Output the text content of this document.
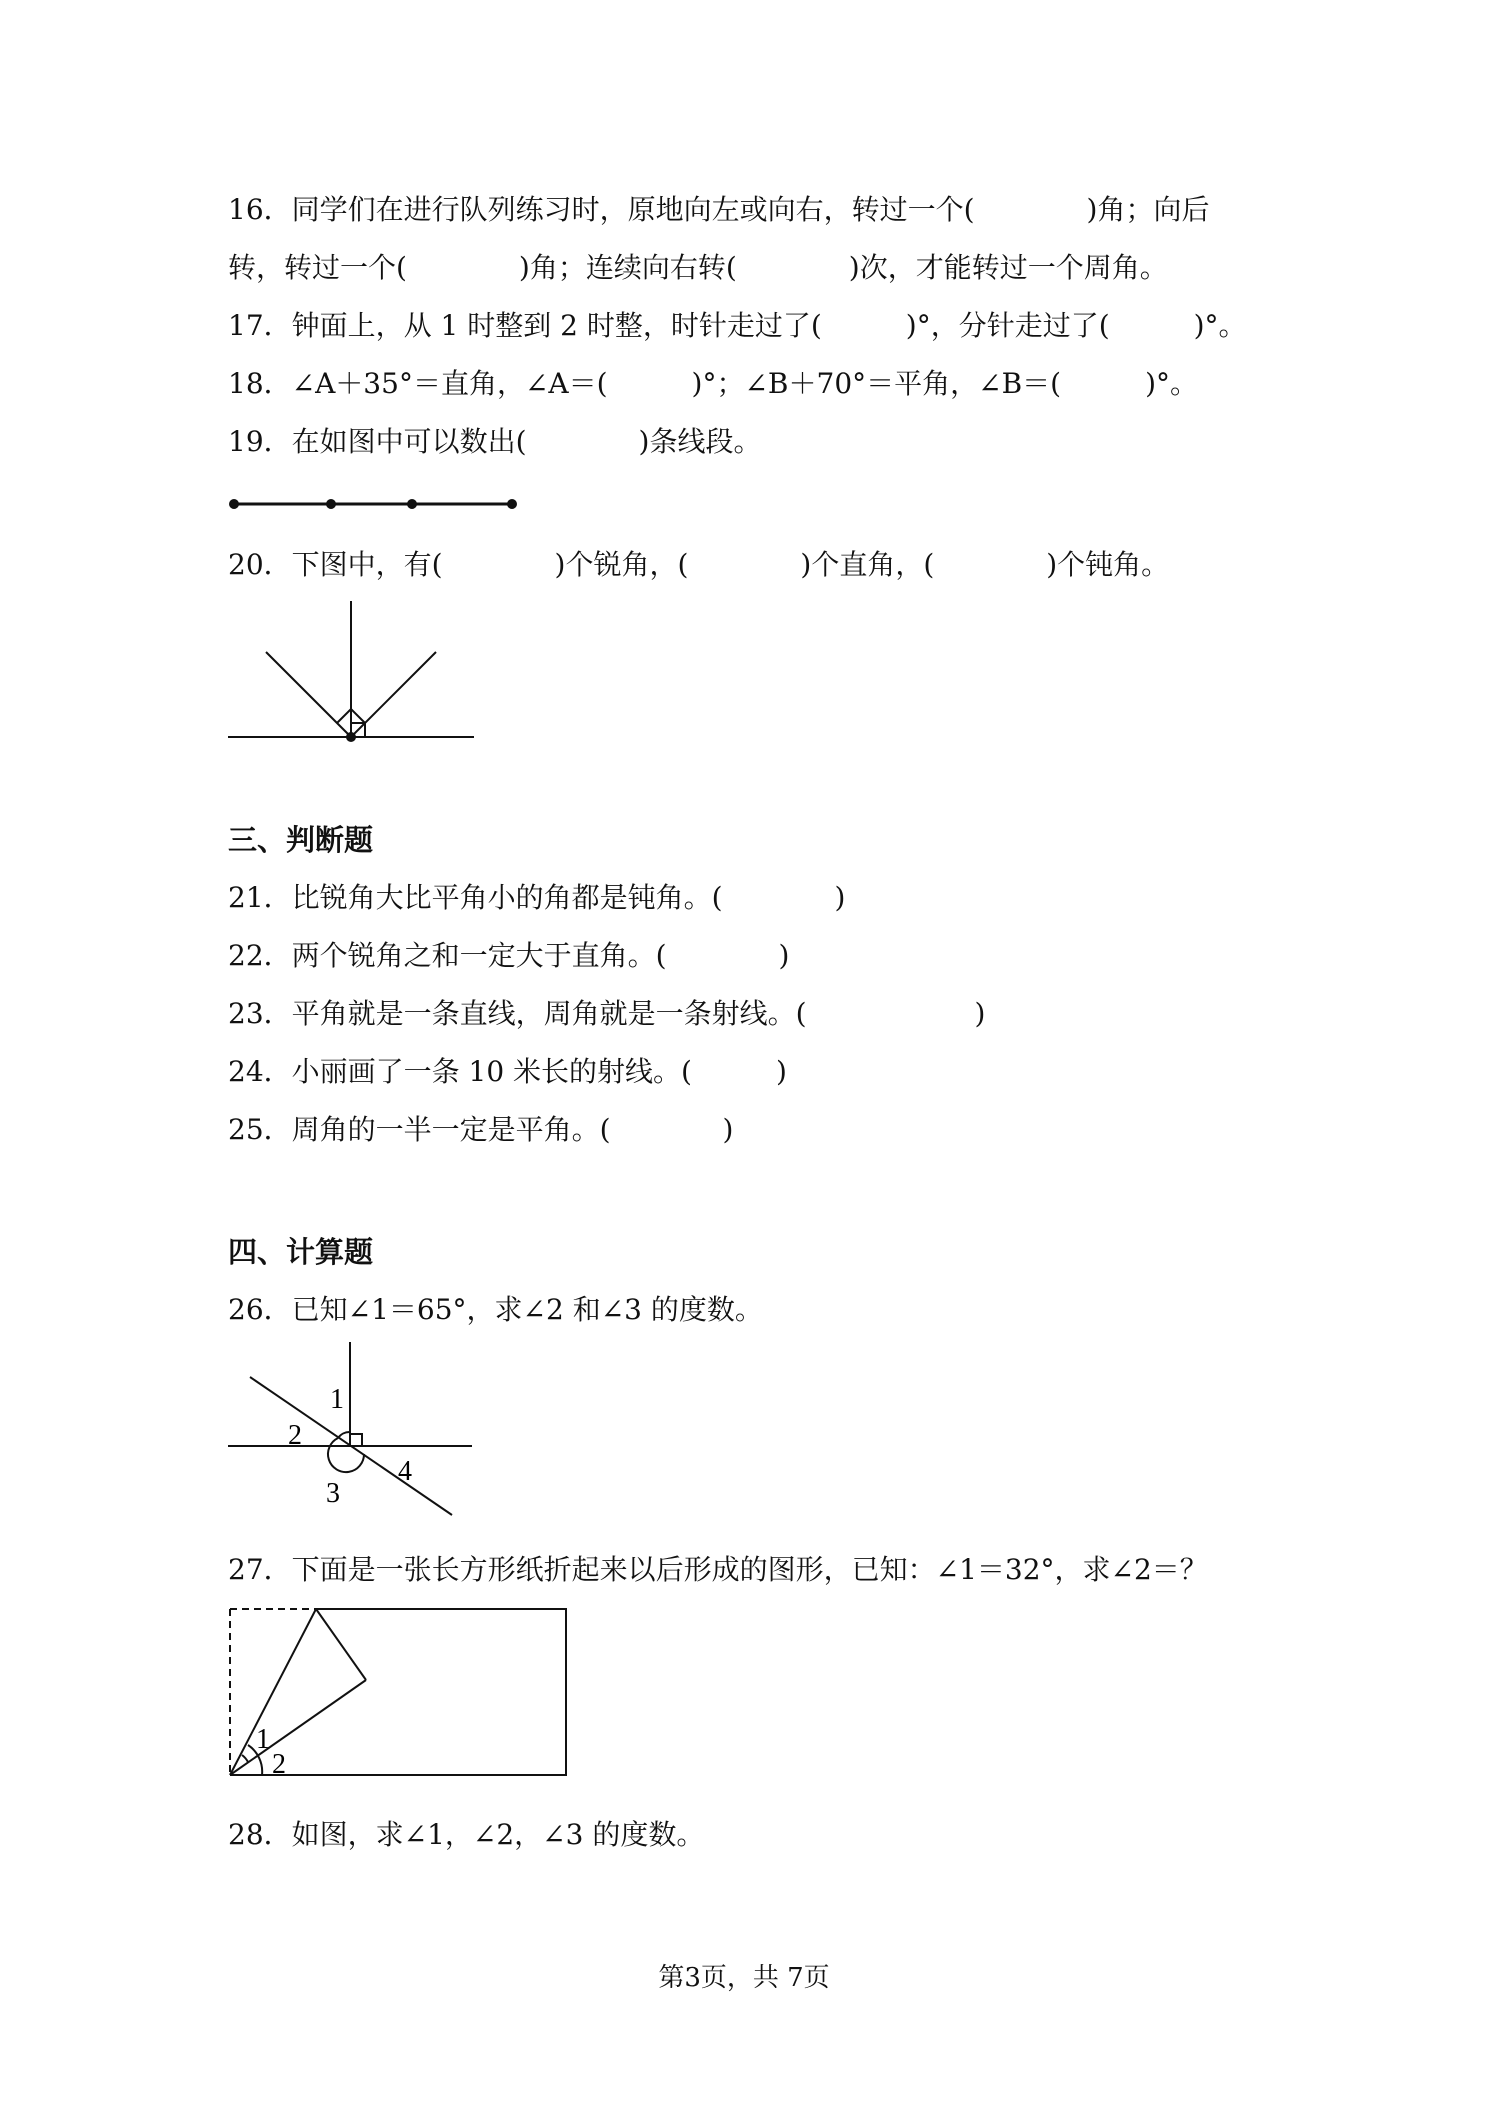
16．同学们在进行队列练习时，原地向左或向右，转过一个(　　　　)角；向后
转，转过一个(　　　　)角；连续向右转(　　　　)次，才能转过一个周角。
17．钟面上，从 1 时整到 2 时整，时针走过了(　　　)°，分针走过了(　　　)°。
18．∠A＋35°＝直角，∠A＝(　　　)°；∠B＋70°＝平角，∠B＝(　　　)°。
19．在如图中可以数出(　　　　)条线段。
20．下图中，有(　　　　)个锐角，(　　　　)个直角，(　　　　)个钝角。
三、判断题
21．比锐角大比平角小的角都是钝角。(　　　　)
22．两个锐角之和一定大于直角。(　　　　)
23．平角就是一条直线，周角就是一条射线。(　　　　　　)
24．小丽画了一条 10 米长的射线。(　　　)
25．周角的一半一定是平角。(　　　　)
四、计算题
26．已知∠1＝65°，求∠2 和∠3 的度数。
1
2
3
4
27．下面是一张长方形纸折起来以后形成的图形，已知：∠1＝32°，求∠2＝？
1
2
28．如图，求∠1，∠2，∠3 的度数。
第3页，共 7页
